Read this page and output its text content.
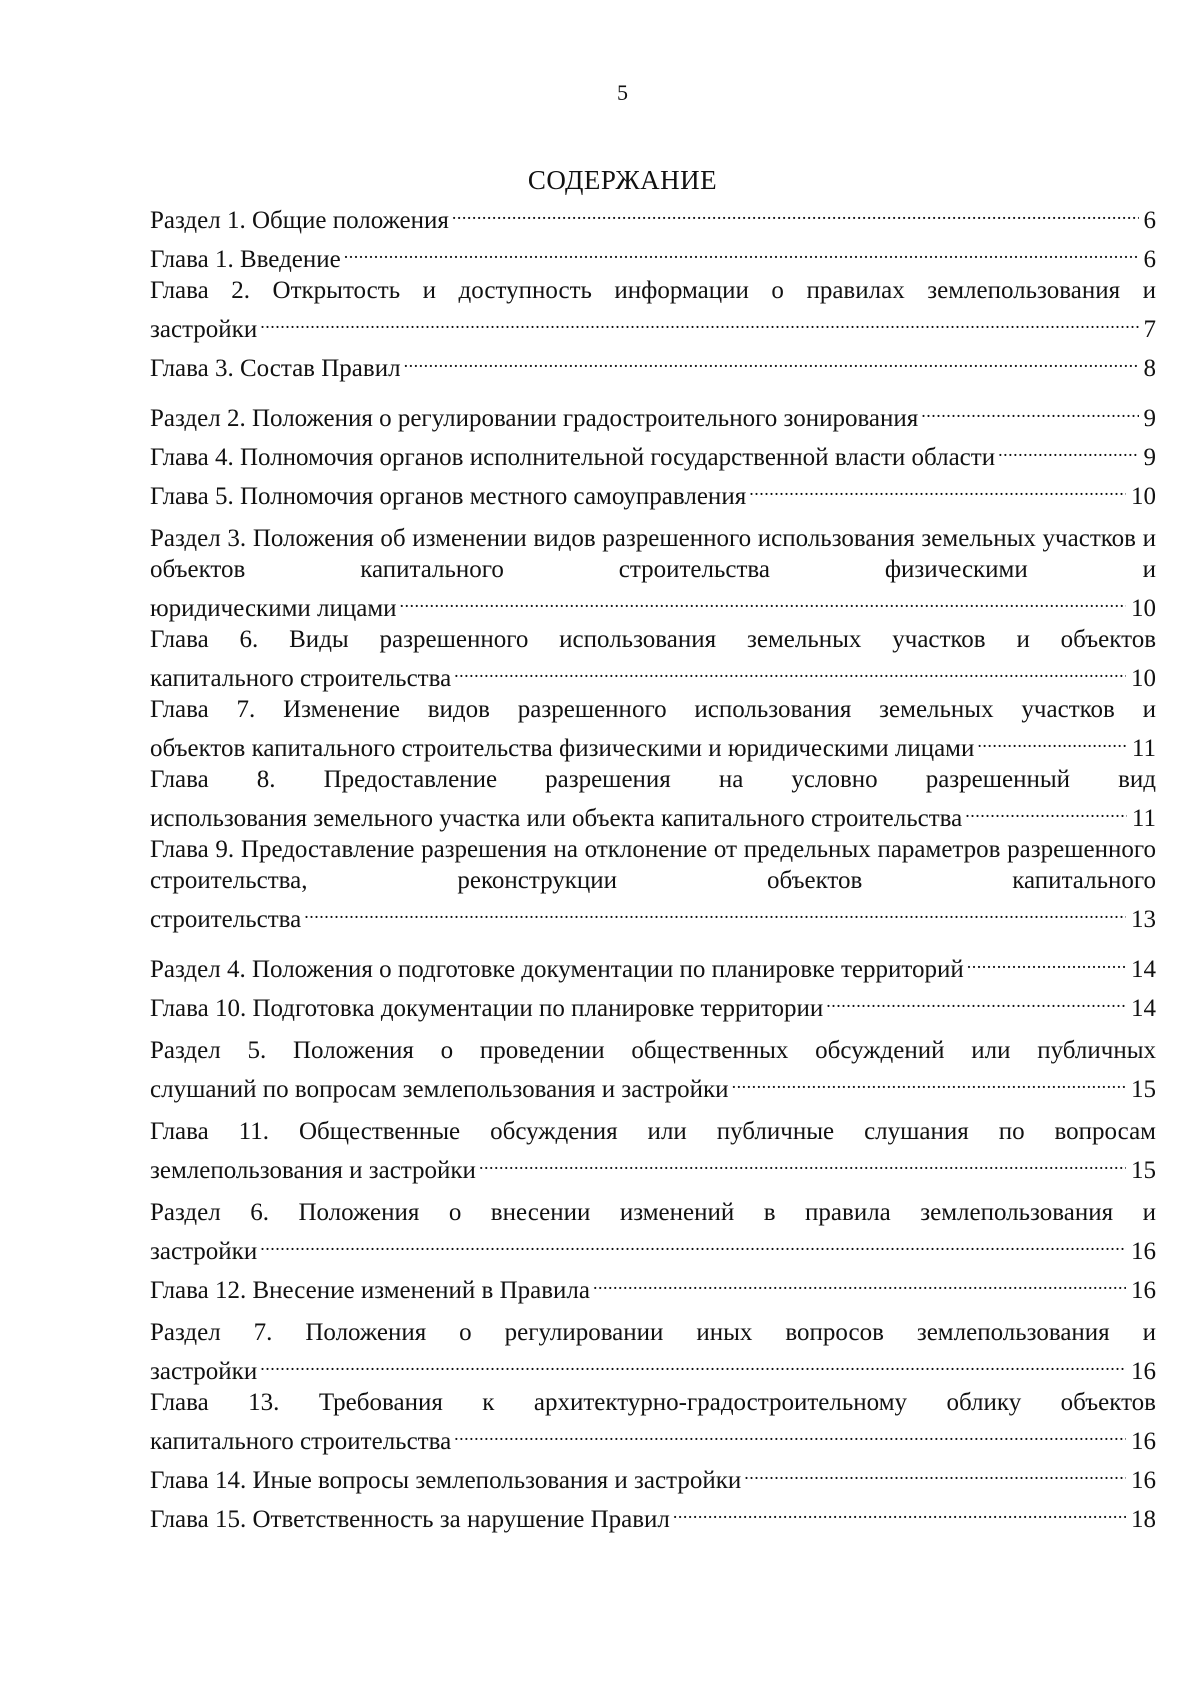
5
СОДЕРЖАНИЕ
Раздел 1. Общие положения .....	6
Глава 1. Введение .....	6
Глава 2. Открытость и доступность информации о правилах землепользования и
застройки .....	7
Глава 3. Состав Правил .....	8
Раздел 2. Положения о регулировании градостроительного зонирования .....	9
Глава 4. Полномочия органов исполнительной государственной власти области .....	9
Глава 5. Полномочия органов местного самоуправления .....	10
Раздел 3. Положения об изменении видов разрешенного использования земельных участков и объектов капитального строительства физическими и
юридическими лицами .....	10
Глава 6. Виды разрешенного использования земельных участков и объектов
капитального строительства .....	10
Глава 7. Изменение видов разрешенного использования земельных участков и
объектов капитального строительства физическими и юридическими лицами .....	11
Глава 8. Предоставление разрешения на условно разрешенный вид
использования земельного участка или объекта капитального строительства .....	11
Глава 9. Предоставление разрешения на отклонение от предельных параметров разрешенного строительства, реконструкции объектов капитального
строительства .....	13
Раздел 4. Положения о подготовке документации по планировке территорий .....	14
Глава 10. Подготовка документации по планировке территории .....	14
Раздел 5. Положения о проведении общественных обсуждений или публичных
слушаний по вопросам землепользования и застройки .....	15
Глава 11. Общественные обсуждения или публичные слушания по вопросам
землепользования и застройки .....	15
Раздел 6. Положения о внесении изменений в правила землепользования и
застройки .....	16
Глава 12. Внесение изменений в Правила .....	16
Раздел 7. Положения о регулировании иных вопросов землепользования и
застройки .....	16
Глава 13. Требования к архитектурно-градостроительному облику объектов
капитального строительства .....	16
Глава 14. Иные вопросы землепользования и застройки .....	16
Глава 15. Ответственность за нарушение Правил .....	18
